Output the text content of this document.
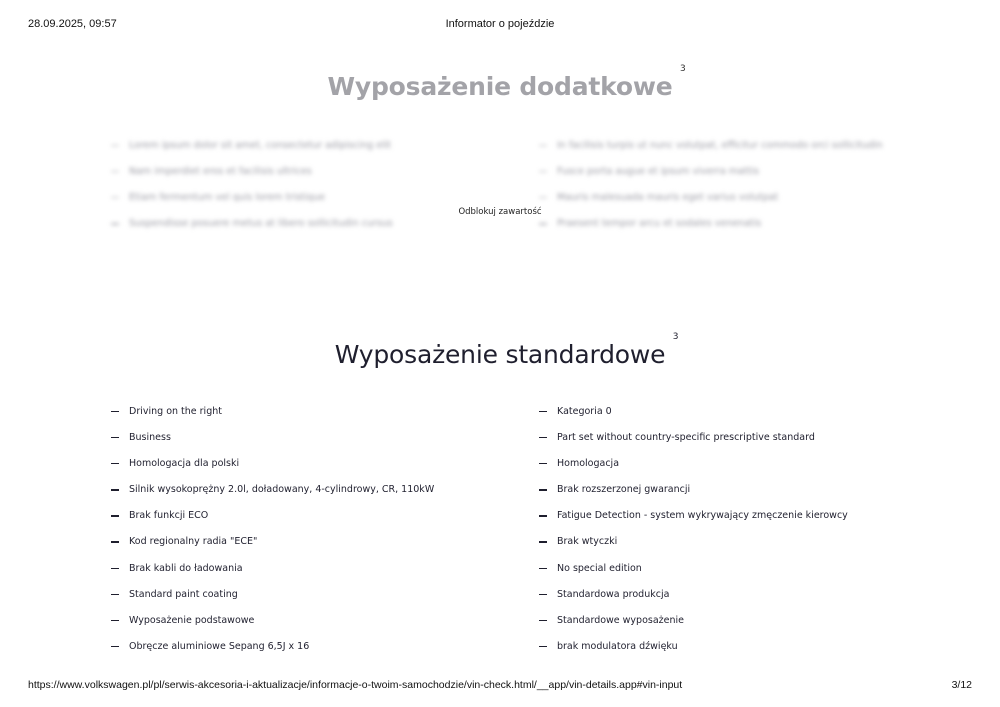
28.09.2025, 09:57	Informator o pojeździe
Wyposażenie dodatkowe
3
Lorem ipsum dolor sit amet, consectetur adipiscing elit
Nam imperdiet eros et facilisis ultrices
Etiam fermentum vel quis lorem tristique
Suspendisse posuere metus at libero sollicitudin cursus
In facilisis turpis ut nunc volutpat, efficitur commodo orci sollicitudin
Fusce porta augue et ipsum viverra mattis
Mauris malesuada mauris eget varius volutpat
Praesent tempor arcu et sodales venenatis
Odblokuj zawartość
Wyposażenie standardowe
3
Driving on the right
Business
Homologacja dla polski
Silnik wysokoprężny 2.0l, doładowany, 4-cylindrowy, CR, 110kW
Brak funkcji ECO
Kod regionalny radia "ECE"
Brak kabli do ładowania
Standard paint coating
Wyposażenie podstawowe
Obręcze aluminiowe Sepang 6,5J x 16
Kategoria 0
Part set without country-specific prescriptive standard
Homologacja
Brak rozszerzonej gwarancji
Fatigue Detection - system wykrywający zmęczenie kierowcy
Brak wtyczki
No special edition
Standardowa produkcja
Standardowe wyposażenie
brak modulatora dźwięku
https://www.volkswagen.pl/pl/serwis-akcesoria-i-aktualizacje/informacje-o-twoim-samochodzie/vin-check.html/__app/vin-details.app#vin-input	3/12
